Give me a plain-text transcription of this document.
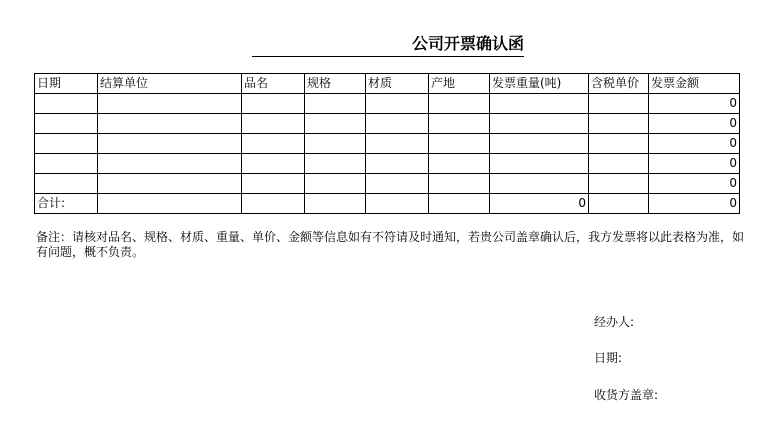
公司开票确认函
日期	结算单位	品名	规格	材质	产地	发票重量(吨)	含税单价	发票金额
								0
								0
								0
								0
								0
合计:						0		0
备注：请核对品名、规格、材质、重量、单价、金额等信息如有不符请及时通知，若贵公司盖章确认后，我方发票将以此表格为准，如有问题，概不负责。
经办人:
日期:
收货方盖章:
